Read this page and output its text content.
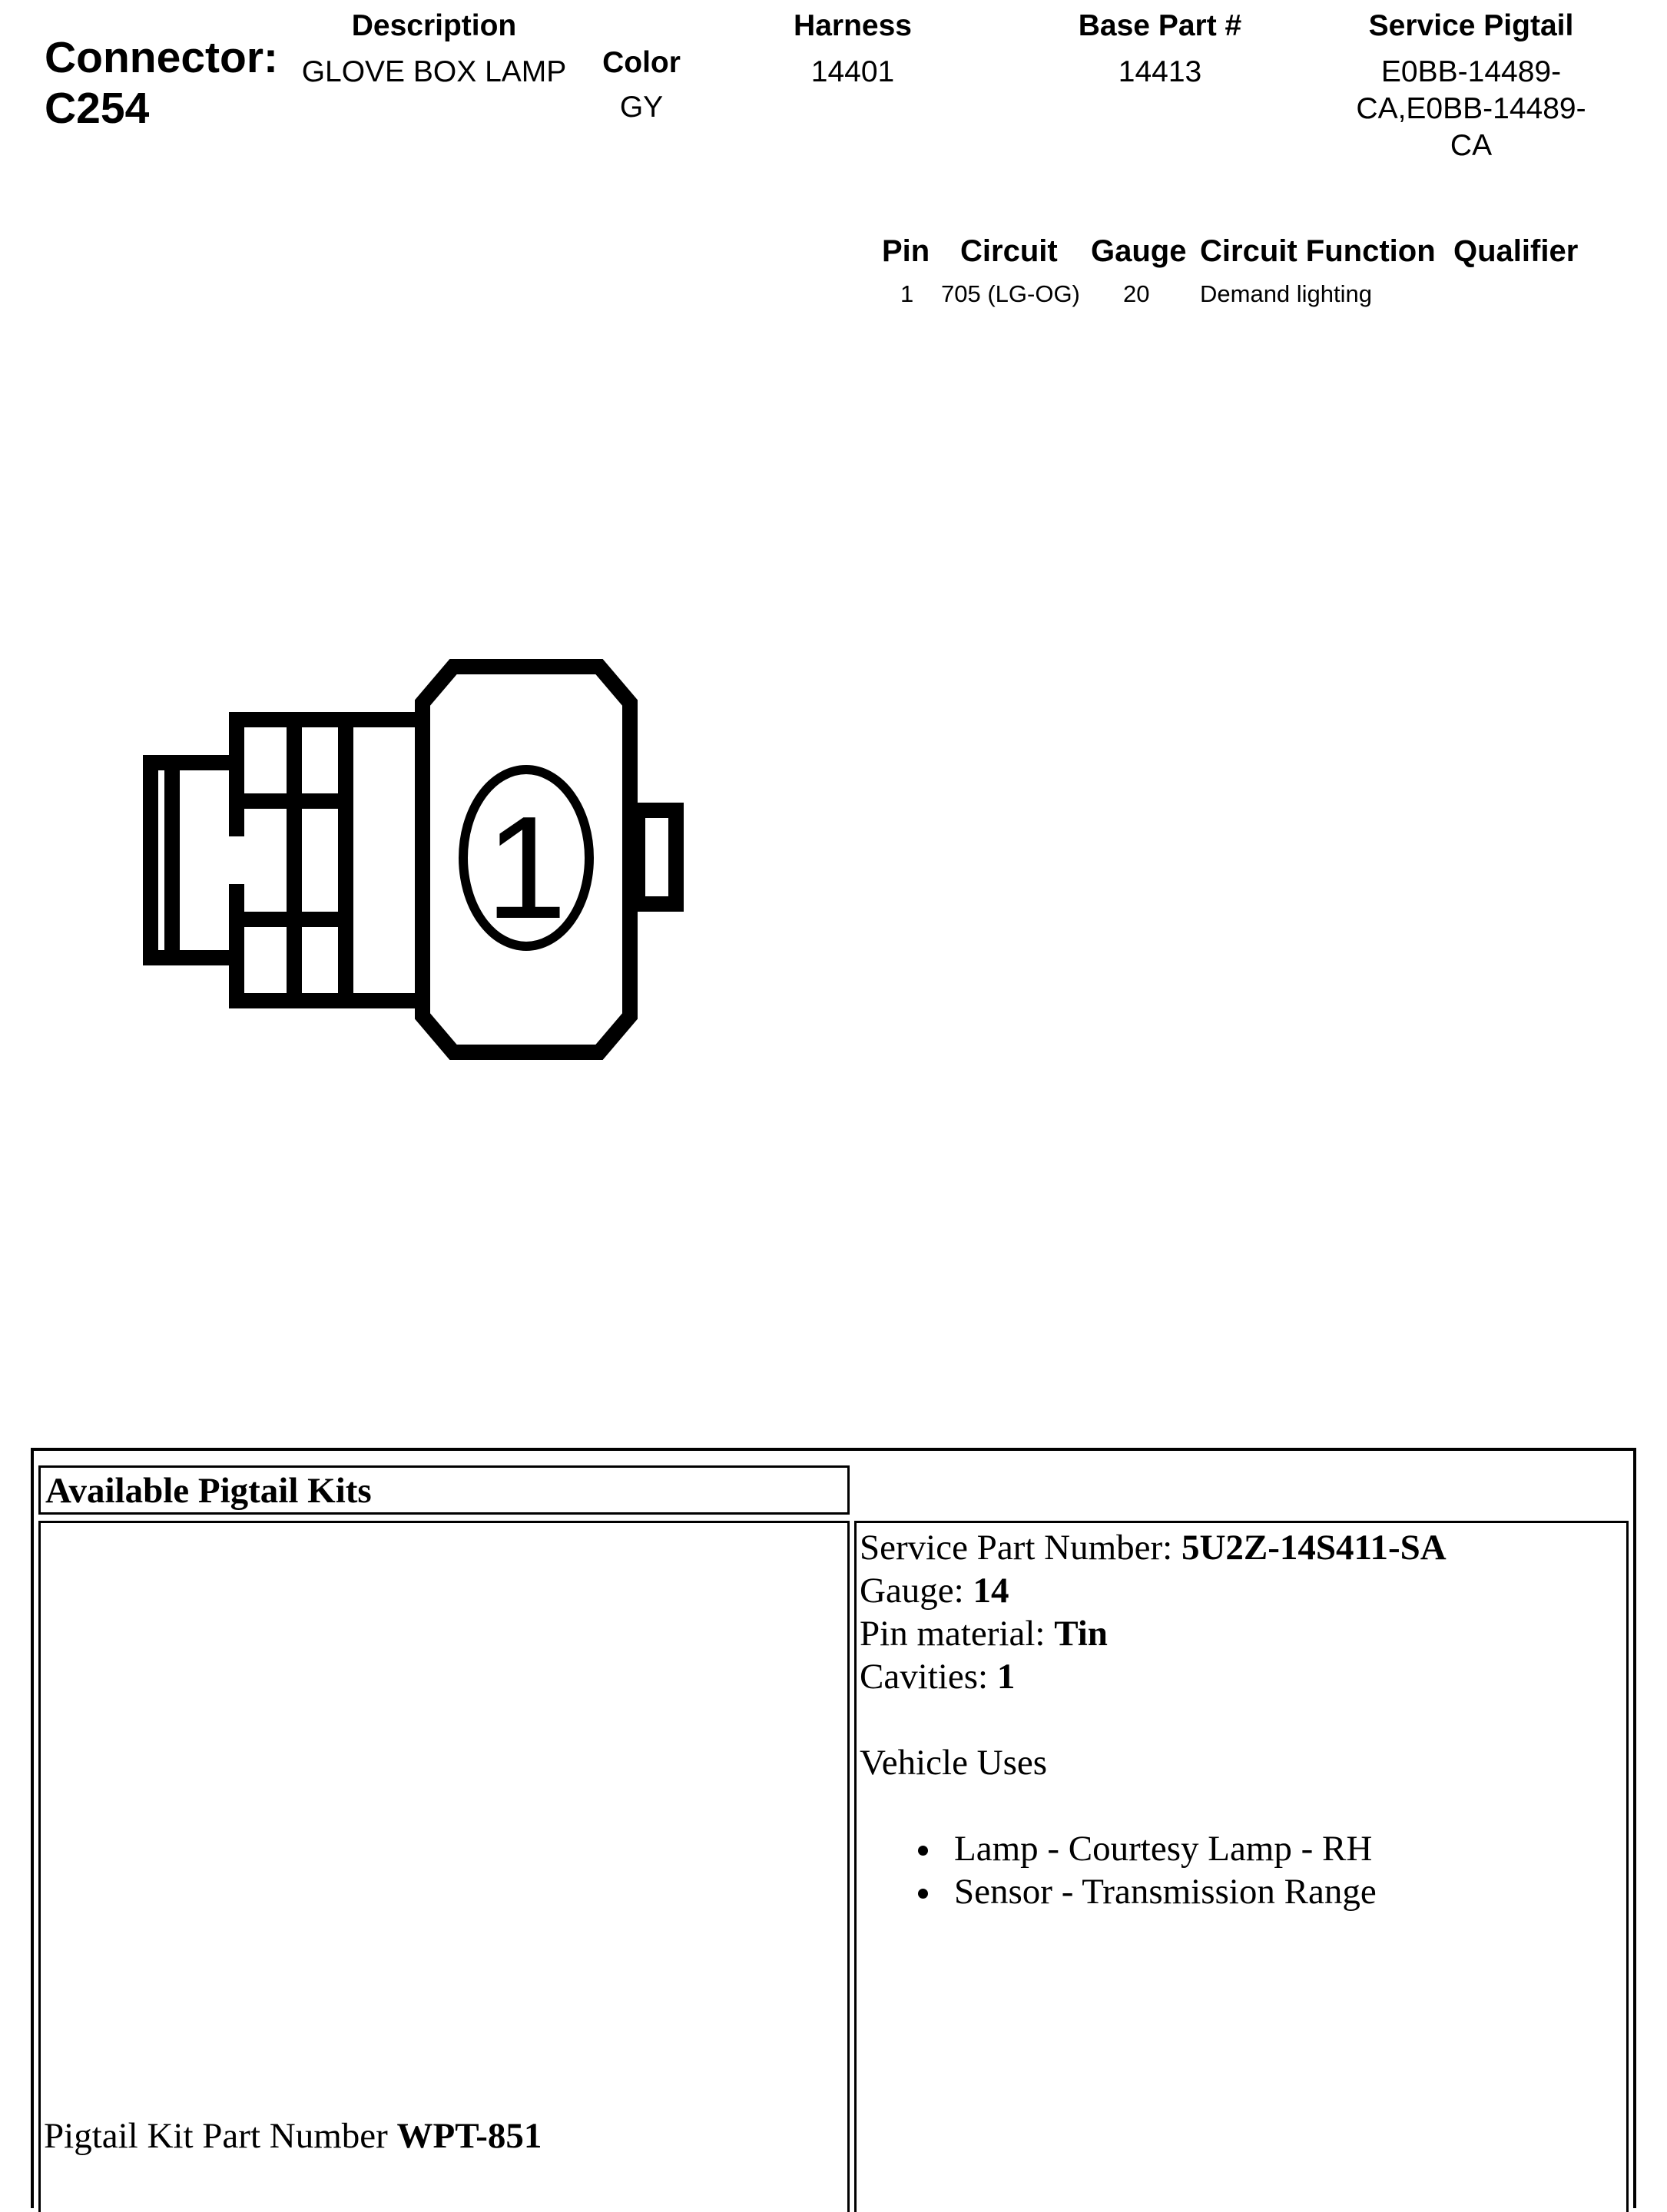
Connector:
C254
Description
GLOVE BOX LAMP	Color
GY
Harness
14401
Base Part #
14413
Service Pigtail
E0BB-14489-
CA,E0BB-14489-
CA
Pin Circuit Gauge Circuit Function Qualifier
1 705 (LG-OG) 20 Demand lighting
1
Available Pigtail Kits
Pigtail Kit Part Number WPT-851
Service Part Number: 5U2Z-14S411-SA
Gauge: 14
Pin material: Tin
Cavities: 1
Vehicle Uses
Lamp - Courtesy Lamp - RH
Sensor - Transmission Range
